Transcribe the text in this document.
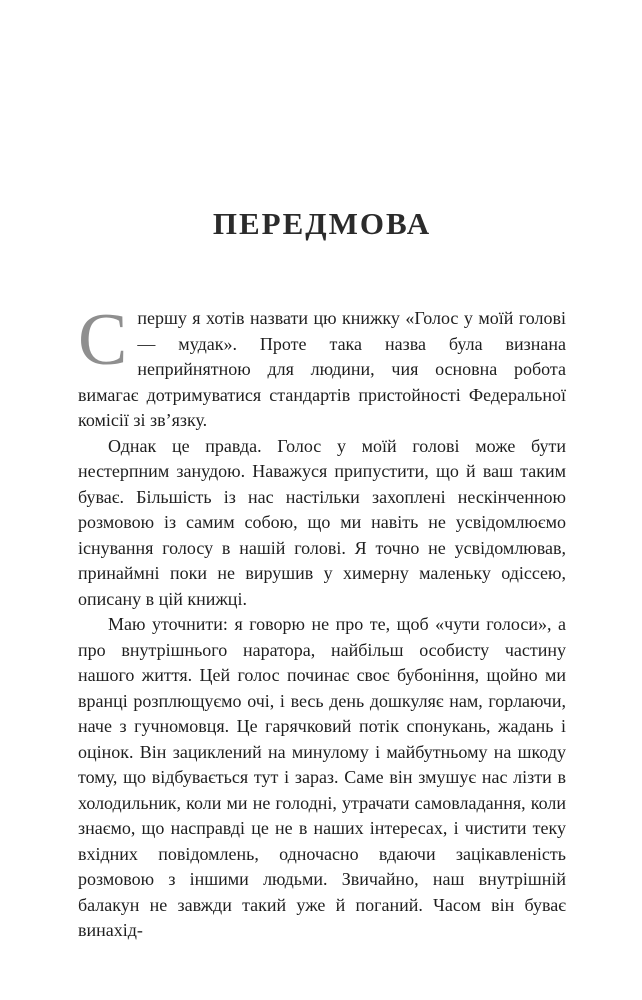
ПЕРЕДМОВА

Спершу я хотів назвати цю книжку «Голос у моїй голові — мудак». Проте така назва була визнана неприйнятною для людини, чия основна робота вимагає дотримуватися стандартів пристойності Федеральної комісії зі зв’язку.

Однак це правда. Голос у моїй голові може бути нестерпним занудою. Наважуся припустити, що й ваш таким буває. Більшість із нас настільки захоплені нескінченною розмовою із самим собою, що ми навіть не усвідомлюємо існування голосу в нашій голові. Я точно не усвідомлював, принаймні поки не вирушив у химерну маленьку одіссею, описану в цій книжці.

Маю уточнити: я говорю не про те, щоб «чути голоси», а про внутрішнього наратора, найбільш особисту частину нашого життя. Цей голос починає своє бубоніння, щойно ми вранці розплющуємо очі, і весь день дошкуляє нам, горлаючи, наче з гучномовця. Це гарячковий потік спонукань, жадань і оцінок. Він зациклений на минулому і майбутньому на шкоду тому, що відбувається тут і зараз. Саме він змушує нас лізти в холодильник, коли ми не голодні, утрачати самовладання, коли знаємо, що насправді це не в наших інтересах, і чистити теку вхідних повідомлень, одночасно вдаючи зацікавленість розмовою з іншими людьми. Звичайно, наш внутрішній балакун не завжди такий уже й поганий. Часом він буває винахід-
